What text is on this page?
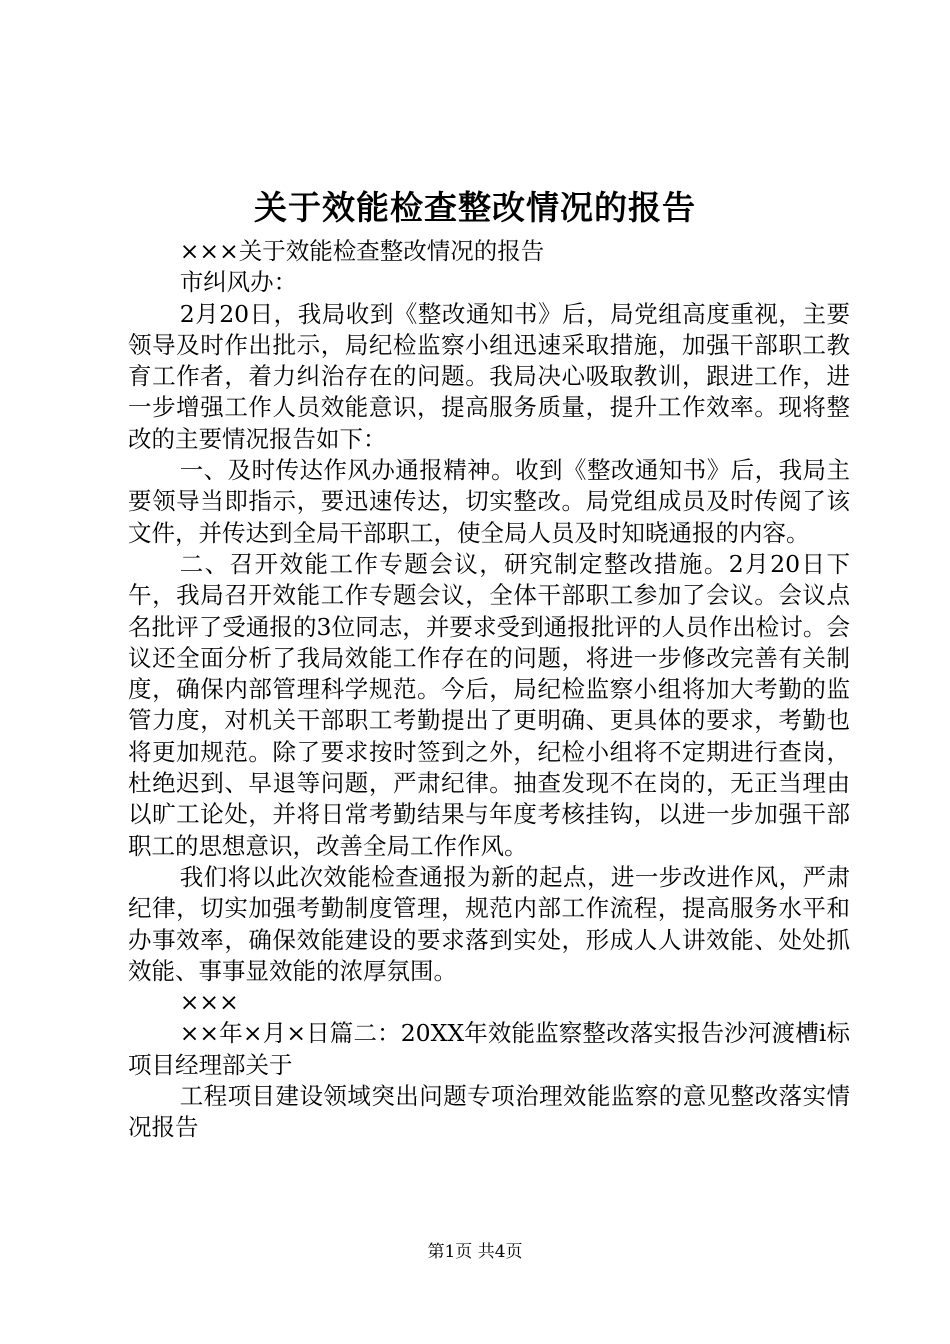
关于效能检查整改情况的报告

×××关于效能检查整改情况的报告

市纠风办：

2月20日，我局收到《整改通知书》后，局党组高度重视，主要领导及时作出批示，局纪检监察小组迅速采取措施，加强干部职工教育工作者，着力纠治存在的问题。我局决心吸取教训，跟进工作，进一步增强工作人员效能意识，提高服务质量，提升工作效率。现将整改的主要情况报告如下：

一、及时传达作风办通报精神。收到《整改通知书》后，我局主要领导当即指示，要迅速传达，切实整改。局党组成员及时传阅了该文件，并传达到全局干部职工，使全局人员及时知晓通报的内容。

二、召开效能工作专题会议，研究制定整改措施。2月20日下午，我局召开效能工作专题会议，全体干部职工参加了会议。会议点名批评了受通报的3位同志，并要求受到通报批评的人员作出检讨。会议还全面分析了我局效能工作存在的问题，将进一步修改完善有关制度，确保内部管理科学规范。今后，局纪检监察小组将加大考勤的监管力度，对机关干部职工考勤提出了更明确、更具体的要求，考勤也将更加规范。除了要求按时签到之外，纪检小组将不定期进行查岗，杜绝迟到、早退等问题，严肃纪律。抽查发现不在岗的，无正当理由以旷工论处，并将日常考勤结果与年度考核挂钩，以进一步加强干部职工的思想意识，改善全局工作作风。

我们将以此次效能检查通报为新的起点，进一步改进作风，严肃纪律，切实加强考勤制度管理，规范内部工作流程，提高服务水平和办事效率，确保效能建设的要求落到实处，形成人人讲效能、处处抓效能、事事显效能的浓厚氛围。

×××

××年×月×日篇二：20XX年效能监察整改落实报告沙河渡槽i标项目经理部关于

工程项目建设领域突出问题专项治理效能监察的意见整改落实情况报告

第1页 共4页
